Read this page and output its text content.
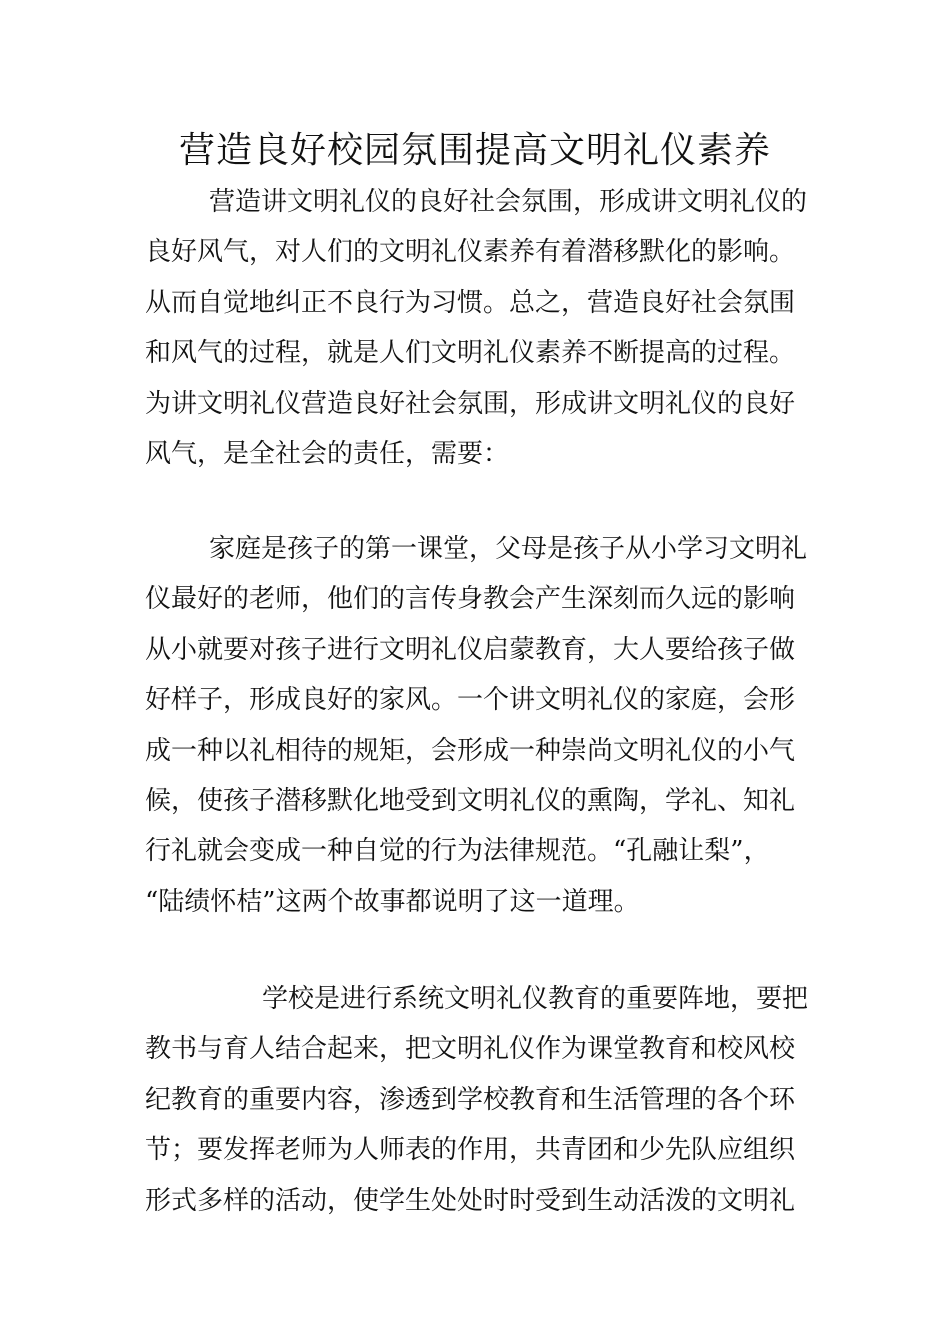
营造良好校园氛围提高文明礼仪素养

营造讲文明礼仪的良好社会氛围，形成讲文明礼仪的
良好风气，对人们的文明礼仪素养有着潜移默化的影响。
从而自觉地纠正不良行为习惯。总之，营造良好社会氛围
和风气的过程，就是人们文明礼仪素养不断提高的过程。
为讲文明礼仪营造良好社会氛围，形成讲文明礼仪的良好
风气，是全社会的责任，需要：

家庭是孩子的第一课堂，父母是孩子从小学习文明礼
仪最好的老师，他们的言传身教会产生深刻而久远的影响
从小就要对孩子进行文明礼仪启蒙教育，大人要给孩子做
好样子，形成良好的家风。一个讲文明礼仪的家庭，会形
成一种以礼相待的规矩，会形成一种崇尚文明礼仪的小气
候，使孩子潜移默化地受到文明礼仪的熏陶，学礼、知礼
行礼就会变成一种自觉的行为法律规范。“孔融让梨”，
“陆绩怀桔”这两个故事都说明了这一道理。

学校是进行系统文明礼仪教育的重要阵地，要把
教书与育人结合起来，把文明礼仪作为课堂教育和校风校
纪教育的重要内容，渗透到学校教育和生活管理的各个环
节；要发挥老师为人师表的作用，共青团和少先队应组织
形式多样的活动，使学生处处时时受到生动活泼的文明礼
